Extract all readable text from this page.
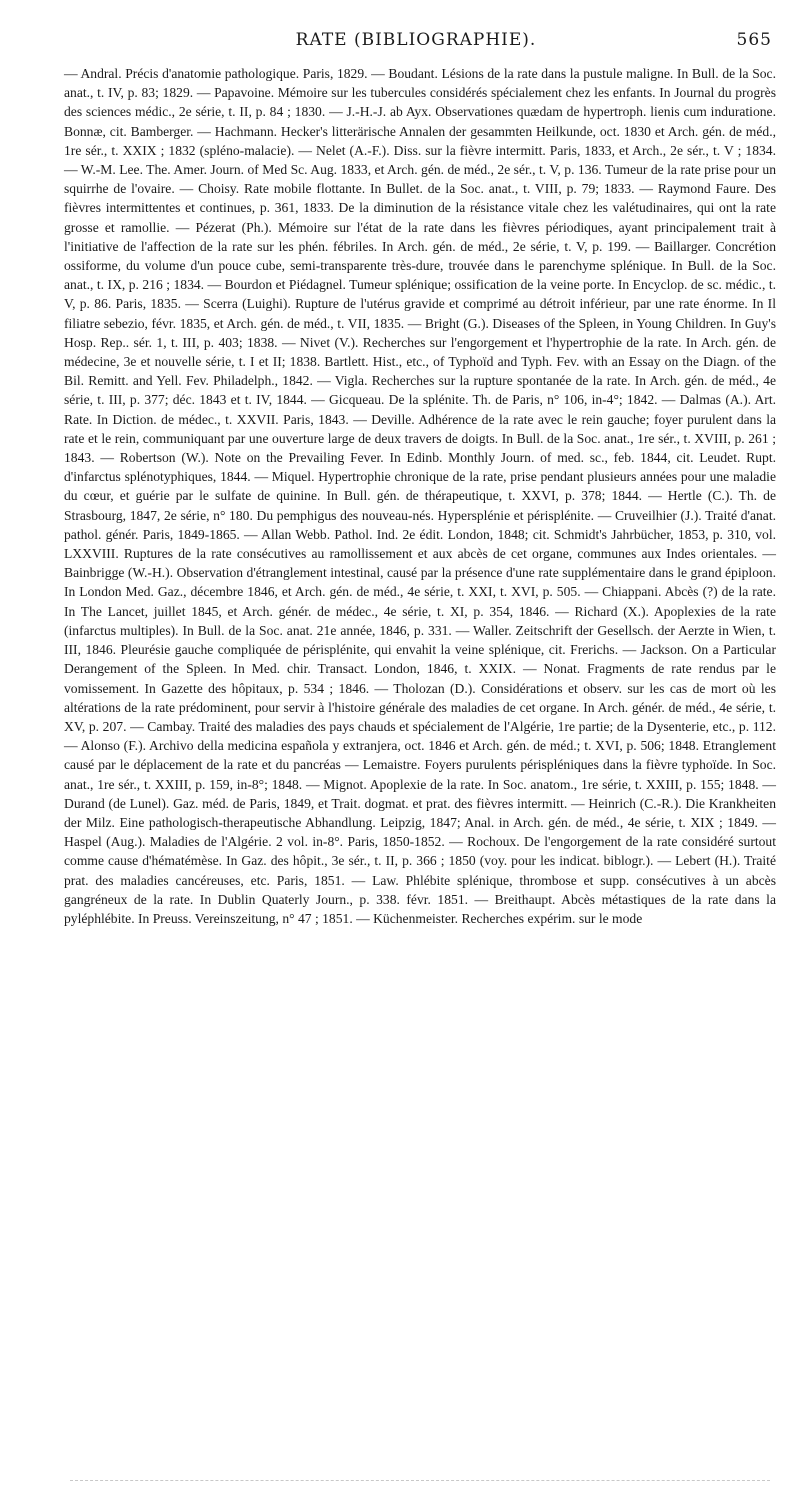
RATE (BIBLIOGRAPHIE).	565

— Andral. Précis d'anatomie pathologique. Paris, 1829. — Boudant. Lésions de la rate dans la pustule maligne. In Bull. de la Soc. anat., t. IV, p. 83; 1829. — Papavoine. Mémoire sur les tubercules considérés spécialement chez les enfants. In Journal du progrès des sciences médic., 2e série, t. II, p. 84 ; 1830. — J.-H.-J. ab Ayx. Observationes quædam de hypertroph. lienis cum induratione. Bonnæ, cit. Bamberger. — Hachmann. Hecker's litterärische Annalen der gesammten Heilkunde, oct. 1830 et Arch. gén. de méd., 1re sér., t. XXIX ; 1832 (spléno-malacie). — Nelet (A.-F.). Diss. sur la fièvre intermitt. Paris, 1833, et Arch., 2e sér., t. V ; 1834. — W.-M. Lee. The. Amer. Journ. of Med Sc. Aug. 1833, et Arch. gén. de méd., 2e sér., t. V, p. 136. Tumeur de la rate prise pour un squirrhe de l'ovaire. — Choisy. Rate mobile flottante. In Bullet. de la Soc. anat., t. VIII, p. 79; 1833. — Raymond Faure. Des fièvres intermittentes et continues, p. 361, 1833. De la diminution de la résistance vitale chez les valétudinaires, qui ont la rate grosse et ramollie. — Pézerat (Ph.). Mémoire sur l'état de la rate dans les fièvres périodiques, ayant principalement trait à l'initiative de l'affection de la rate sur les phén. fébriles. In Arch. gén. de méd., 2e série, t. V, p. 199. — Baillarger. Concrétion ossiforme, du volume d'un pouce cube, semi-transparente très-dure, trouvée dans le parenchyme splénique. In Bull. de la Soc. anat., t. IX, p. 216 ; 1834. — Bourdon et Piédagnel. Tumeur splénique; ossification de la veine porte. In Encyclop. de sc. médic., t. V, p. 86. Paris, 1835. — Scerra (Luighi). Rupture de l'utérus gravide et comprimé au détroit inférieur, par une rate énorme. In Il filiatre sebezio, févr. 1835, et Arch. gén. de méd., t. VII, 1835. — Bright (G.). Diseases of the Spleen, in Young Children. In Guy's Hosp. Rep.. sér. 1, t. III, p. 403; 1838. — Nivet (V.). Recherches sur l'engorgement et l'hypertrophie de la rate. In Arch. gén. de médecine, 3e et nouvelle série, t. I et II; 1838. Bartlett. Hist., etc., of Typhoïd and Typh. Fev. with an Essay on the Diagn. of the Bil. Remitt. and Yell. Fev. Philadelph., 1842. — Vigla. Recherches sur la rupture spontanée de la rate. In Arch. gén. de méd., 4e série, t. III, p. 377; déc. 1843 et t. IV, 1844. — Gicqueau. De la splénite. Th. de Paris, n° 106, in-4°; 1842. — Dalmas (A.). Art. Rate. In Diction. de médec., t. XXVII. Paris, 1843. — Deville. Adhérence de la rate avec le rein gauche; foyer purulent dans la rate et le rein, communiquant par une ouverture large de deux travers de doigts. In Bull. de la Soc. anat., 1re sér., t. XVIII, p. 261 ; 1843. — Robertson (W.). Note on the Prevailing Fever. In Edinb. Monthly Journ. of med. sc., feb. 1844, cit. Leudet. Rupt. d'infarctus splénotyphiques, 1844. — Miquel. Hypertrophie chronique de la rate, prise pendant plusieurs années pour une maladie du cœur, et guérie par le sulfate de quinine. In Bull. gén. de thérapeutique, t. XXVI, p. 378; 1844. — Hertle (C.). Th. de Strasbourg, 1847, 2e série, n° 180. Du pemphigus des nouveau-nés. Hypersplénie et périsplénite. — Cruveilhier (J.). Traité d'anat. pathol. génér. Paris, 1849-1865. — Allan Webb. Pathol. Ind. 2e édit. London, 1848; cit. Schmidt's Jahrbücher, 1853, p. 310, vol. LXXVIII. Ruptures de la rate consécutives au ramollissement et aux abcès de cet organe, communes aux Indes orientales. — Bainbrigge (W.-H.). Observation d'étranglement intestinal, causé par la présence d'une rate supplémentaire dans le grand épiploon. In London Med. Gaz., décembre 1846, et Arch. gén. de méd., 4e série, t. XXI, t. XVI, p. 505. — Chiappani. Abcès (?) de la rate. In The Lancet, juillet 1845, et Arch. génér. de médec., 4e série, t. XI, p. 354, 1846. — Richard (X.). Apoplexies de la rate (infarctus multiples). In Bull. de la Soc. anat. 21e année, 1846, p. 331. — Waller. Zeitschrift der Gesellsch. der Aerzte in Wien, t. III, 1846. Pleurésie gauche compliquée de périsplénite, qui envahit la veine splénique, cit. Frerichs. — Jackson. On a Particular Derangement of the Spleen. In Med. chir. Transact. London, 1846, t. XXIX. — Nonat. Fragments de rate rendus par le vomissement. In Gazette des hôpitaux, p. 534 ; 1846. — Tholozan (D.). Considérations et observ. sur les cas de mort où les altérations de la rate prédominent, pour servir à l'histoire générale des maladies de cet organe. In Arch. génér. de méd., 4e série, t. XV, p. 207. — Cambay. Traité des maladies des pays chauds et spécialement de l'Algérie, 1re partie; de la Dysenterie, etc., p. 112. — Alonso (F.). Archivo della medicina española y extranjera, oct. 1846 et Arch. gén. de méd.; t. XVI, p. 506; 1848. Etranglement causé par le déplacement de la rate et du pancréas — Lemaistre. Foyers purulents périspléniques dans la fièvre typhoïde. In Soc. anat., 1re sér., t. XXIII, p. 159, in-8°; 1848. — Mignot. Apoplexie de la rate. In Soc. anatom., 1re série, t. XXIII, p. 155; 1848. — Durand (de Lunel). Gaz. méd. de Paris, 1849, et Trait. dogmat. et prat. des fièvres intermitt. — Heinrich (C.-R.). Die Krankheiten der Milz. Eine pathologisch-therapeutische Abhandlung. Leipzig, 1847; Anal. in Arch. gén. de méd., 4e série, t. XIX ; 1849. — Haspel (Aug.). Maladies de l'Algérie. 2 vol. in-8°. Paris, 1850-1852. — Rochoux. De l'engorgement de la rate considéré surtout comme cause d'hématémèse. In Gaz. des hôpit., 3e sér., t. II, p. 366 ; 1850 (voy. pour les indicat. biblogr.). — Lebert (H.). Traité prat. des maladies cancéreuses, etc. Paris, 1851. — Law. Phlébite splénique, thrombose et supp. consécutives à un abcès gangréneux de la rate. In Dublin Quaterly Journ., p. 338. févr. 1851. — Breithaupt. Abcès métastiques de la rate dans la pyléphlébite. In Preuss. Vereinszeitung, n° 47 ; 1851. — Küchenmeister. Recherches expérim. sur le mode
